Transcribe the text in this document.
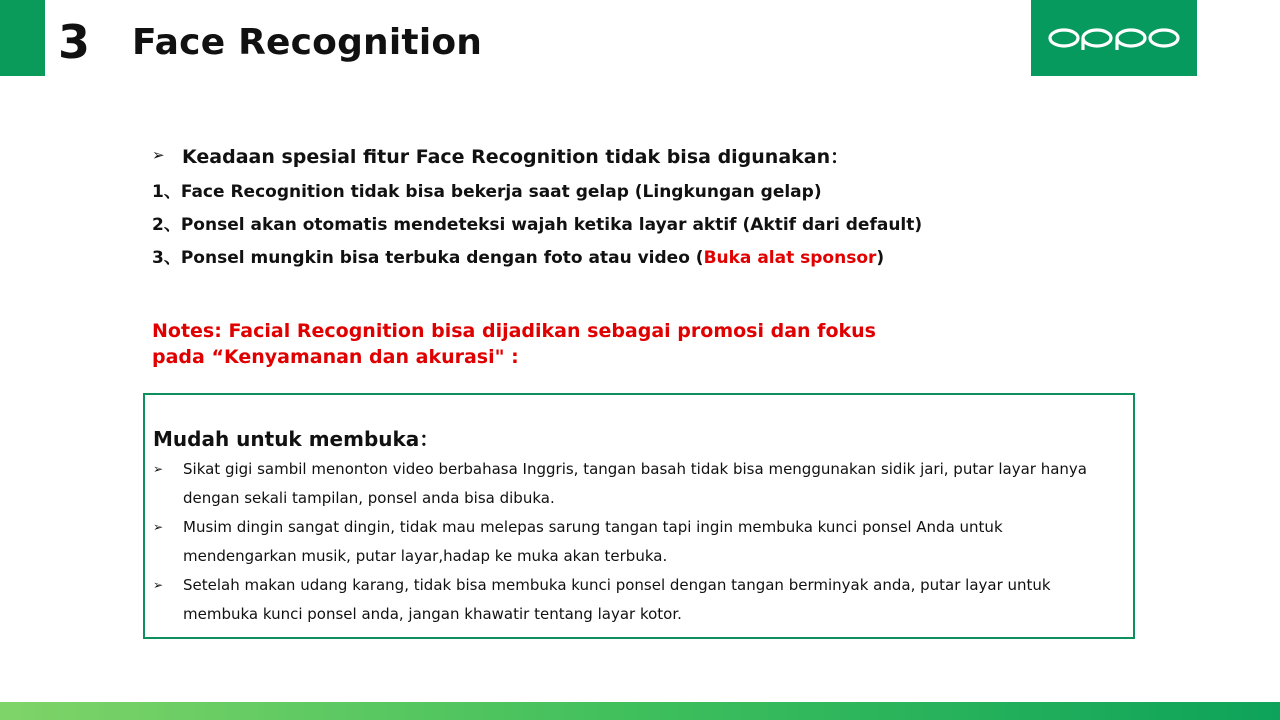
3 Face Recognition
➢ Keadaan spesial fitur Face Recognition tidak bisa digunakan：
1、Face Recognition tidak bisa bekerja saat gelap (Lingkungan gelap)
2、Ponsel akan otomatis mendeteksi wajah ketika layar aktif (Aktif dari default)
3、Ponsel mungkin bisa terbuka dengan foto atau video (Buka alat sponsor)
Notes: Facial Recognition bisa dijadikan sebagai promosi dan fokus pada “Kenyamanan dan akurasi" :
Mudah untuk membuka：
➢	Sikat gigi sambil menonton video berbahasa Inggris, tangan basah tidak bisa menggunakan sidik jari, putar layar hanya dengan sekali tampilan, ponsel anda bisa dibuka.
➢	Musim dingin sangat dingin, tidak mau melepas sarung tangan tapi ingin membuka kunci ponsel Anda untuk mendengarkan musik, putar layar,hadap ke muka akan terbuka.
➢	Setelah makan udang karang, tidak bisa membuka kunci ponsel dengan tangan berminyak anda, putar layar untuk membuka kunci ponsel anda, jangan khawatir tentang layar kotor.
